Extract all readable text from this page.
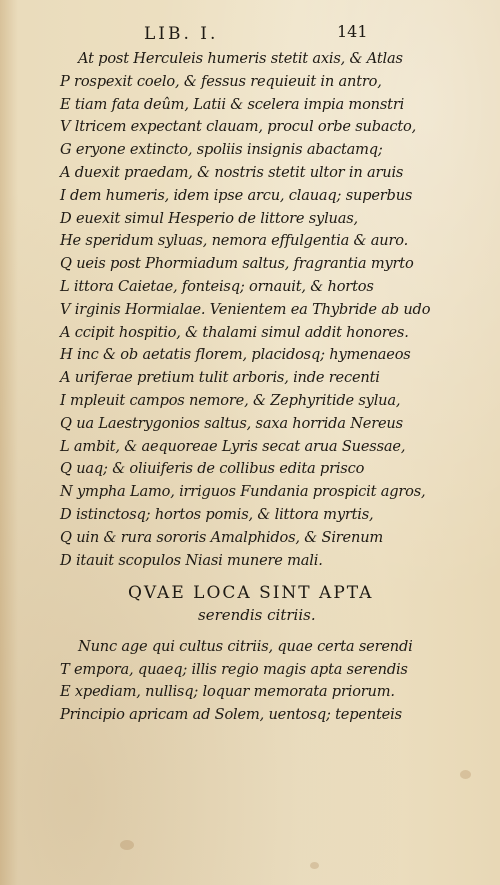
LIB. I.	141
At post Herculeis humeris stetit axis, & Atlas
P rospexit coelo, & fessus requieuit in antro,
E tiam fata deûm, Latii & scelera impia monstri
V ltricem expectant clauam, procul orbe subacto,
G eryone extincto, spoliis insignis abactamq;
A duexit praedam, & nostris stetit ultor in aruis
I dem humeris, idem ipse arcu, clauaq; superbus
D euexit simul Hesperio de littore syluas,
He speridum syluas, nemora effulgentia & auro.
Q ueis post Phormiadum saltus, fragrantia myrto
L ittora Caietae, fonteisq; ornauit, & hortos
V irginis Hormialae. Venientem ea Thybride ab udo
A ccipit hospitio, & thalami simul addit honores.
H inc & ob aetatis florem, placidosq; hymenaeos
A uriferae pretium tulit arboris, inde recenti
I mpleuit campos nemore, & Zephyritide sylua,
Q ua Laestrygonios saltus, saxa horrida Nereus
L ambit, & aequoreae Lyris secat arua Suessae,
Q uaq; & oliuiferis de collibus edita prisco
N ympha Lamo, irriguos Fundania prospicit agros,
D istinctosq; hortos pomis, & littora myrtis,
Q uin & rura sororis Amalphidos, & Sirenum
D itauit scopulos Niasi munere mali.
QVAE LOCA SINT APTA
serendis citriis.
Nunc age qui cultus citriis, quae certa serendi
T empora, quaeq; illis regio magis apta serendis
E xpediam, nullisq; loquar memorata priorum.
Principio apricam ad Solem, uentosq; tepenteis
